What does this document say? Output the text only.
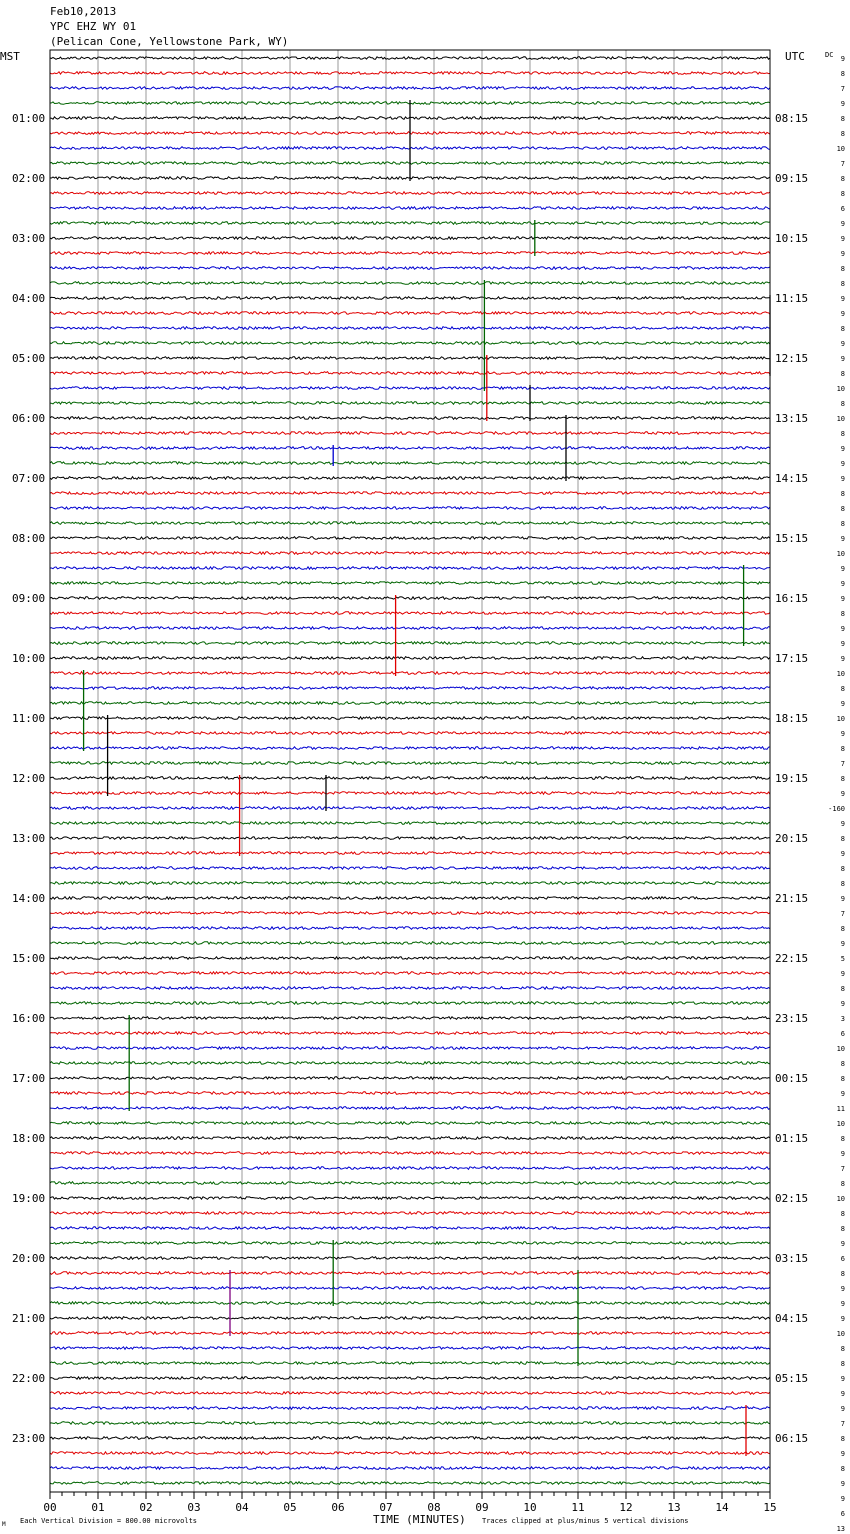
Feb10,2013
YPC EHZ WY 01
(Pelican Cone, Yellowstone Park, WY)
01:00
02:00
03:00
04:00
05:00
06:00
07:00
08:00
09:00
10:00
11:00
12:00
13:00
14:00
15:00
16:00
17:00
18:00
19:00
20:00
21:00
22:00
23:00
08:15
09:15
10:15
11:15
12:15
13:15
14:15
15:15
16:15
17:15
18:15
19:15
20:15
21:15
22:15
23:15
00:15
01:15
02:15
03:15
04:15
05:15
06:15
9
8
7
9
8
8
10
7
8
8
6
9
9
9
8
8
9
9
8
9
9
8
10
8
10
8
9
9
9
8
8
8
9
10
9
9
9
8
9
9
9
10
8
9
10
9
8
7
8
9
-160
9
8
9
8
8
9
7
8
9
5
9
8
9
3
6
10
8
8
9
11
10
8
9
7
8
10
8
8
9
6
8
9
9
9
10
8
8
9
9
9
7
8
9
8
9
9
6
13
00	01	02	03	04	05	06	07	08	09	10	11	12	13	14	15
MST	UTC	DC
TIME (MINUTES)
Each Vertical Division = 800.00 microvolts	Traces clipped at plus/minus 5 vertical divisions
M
